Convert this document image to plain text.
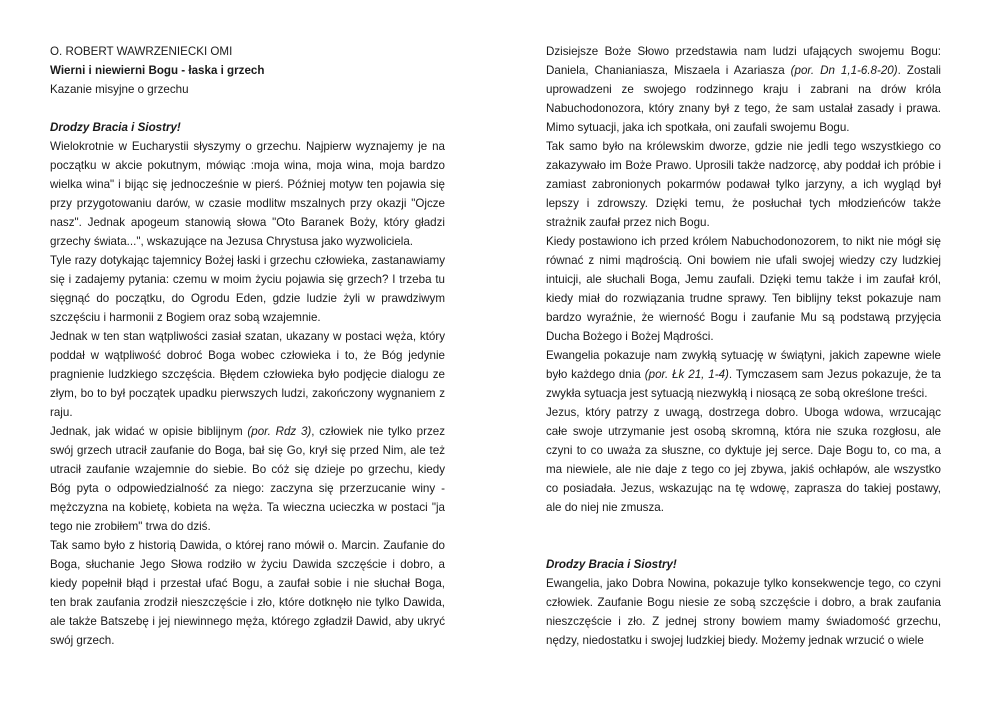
O. ROBERT WAWRZENIECKI OMI

Wierni i niewierni Bogu - łaska i grzech

Kazanie misyjne o grzechu

Drodzy Bracia i Siostry!

Wielokrotnie w Eucharystii słyszymy o grzechu. Najpierw wyznajemy je na początku w akcie pokutnym, mówiąc :moja wina, moja wina, moja bardzo wielka wina" i bijąc się jednocześnie w pierś. Później motyw ten pojawia się przy przygotowaniu darów, w czasie modlitw mszalnych przy okazji "Ojcze nasz". Jednak apogeum stanowią słowa "Oto Baranek Boży, który gładzi grzechy świata...", wskazujące na Jezusa Chrystusa jako wyzwoliciela.

Tyle razy dotykając tajemnicy Bożej łaski i grzechu człowieka, zastanawiamy się i zadajemy pytania: czemu w moim życiu pojawia się grzech? I trzeba tu sięgnąć do początku, do Ogrodu Eden, gdzie ludzie żyli w prawdziwym szczęściu i harmonii z Bogiem oraz sobą wzajemnie.

Jednak w ten stan wątpliwości zasiał szatan, ukazany w postaci węża, który poddał w wątpliwość dobroć Boga wobec człowieka i to, że Bóg jedynie pragnienie ludzkiego szczęścia. Błędem człowieka było podjęcie dialogu ze złym, bo to był początek upadku pierwszych ludzi, zakończony wygnaniem z raju.

Jednak, jak widać w opisie biblijnym (por. Rdz 3), człowiek nie tylko przez swój grzech utracił zaufanie do Boga, bał się Go, krył się przed Nim, ale też utracił zaufanie wzajemnie do siebie. Bo cóż się dzieje po grzechu, kiedy Bóg pyta o odpowiedzialność za niego: zaczyna się przerzucanie winy - mężczyzna na kobietę, kobieta na węża. Ta wieczna ucieczka w postaci "ja tego nie zrobiłem" trwa do dziś.

Tak samo było z historią Dawida, o której rano mówił o. Marcin. Zaufanie do Boga, słuchanie Jego Słowa rodziło w życiu Dawida szczęście i dobro, a kiedy popełnił błąd i przestał ufać Bogu, a zaufał sobie i nie słuchał Boga, ten brak zaufania zrodził nieszczęście i zło, które dotknęło nie tylko Dawida, ale także Batszebę i jej niewinnego męża, którego zgładził Dawid, aby ukryć swój grzech.

Dzisiejsze Boże Słowo przedstawia nam ludzi ufających swojemu Bogu: Daniela, Chanianiasza, Miszaela i Azariasza (por. Dn 1,1-6.8-20). Zostali uprowadzeni ze swojego rodzinnego kraju i zabrani na drów króla Nabuchodonozora, który znany był z tego, że sam ustalał zasady i prawa. Mimo sytuacji, jaka ich spotkała, oni zaufali swojemu Bogu.

Tak samo było na królewskim dworze, gdzie nie jedli tego wszystkiego co zakazywało im Boże Prawo. Uprosili także nadzorcę, aby poddał ich próbie i zamiast zabronionych pokarmów podawał tylko jarzyny, a ich wygląd był lepszy i zdrowszy. Dzięki temu, że posłuchał tych młodzieńców także strażnik zaufał przez nich Bogu.

Kiedy postawiono ich przed królem Nabuchodonozorem, to nikt nie mógł się równać z nimi mądrością. Oni bowiem nie ufali swojej wiedzy czy ludzkiej intuicji, ale słuchali Boga, Jemu zaufali. Dzięki temu także i im zaufał król, kiedy miał do rozwiązania trudne sprawy. Ten biblijny tekst pokazuje nam bardzo wyraźnie, że wierność Bogu i zaufanie Mu są podstawą przyjęcia Ducha Bożego i Bożej Mądrości.

Ewangelia pokazuje nam zwykłą sytuację w świątyni, jakich zapewne wiele było każdego dnia (por. Łk 21, 1-4). Tymczasem sam Jezus pokazuje, że ta zwykła sytuacja jest sytuacją niezwykłą i niosącą ze sobą określone treści.

Jezus, który patrzy z uwagą, dostrzega dobro. Uboga wdowa, wrzucając całe swoje utrzymanie jest osobą skromną, która nie szuka rozgłosu, ale czyni to co uważa za słuszne, co dyktuje jej serce. Daje Bogu to, co ma, a ma niewiele, ale nie daje z tego co jej zbywa, jakiś ochłapów, ale wszystko co posiadała. Jezus, wskazując na tę wdowę, zaprasza do takiej postawy, ale do niej nie zmusza.

Drodzy Bracia i Siostry!

Ewangelia, jako Dobra Nowina, pokazuje tylko konsekwencje tego, co czyni człowiek. Zaufanie Bogu niesie ze sobą szczęście i dobro, a brak zaufania nieszczęście i zło. Z jednej strony bowiem mamy świadomość grzechu, nędzy, niedostatku i swojej ludzkiej biedy. Możemy jednak wrzucić o wiele
